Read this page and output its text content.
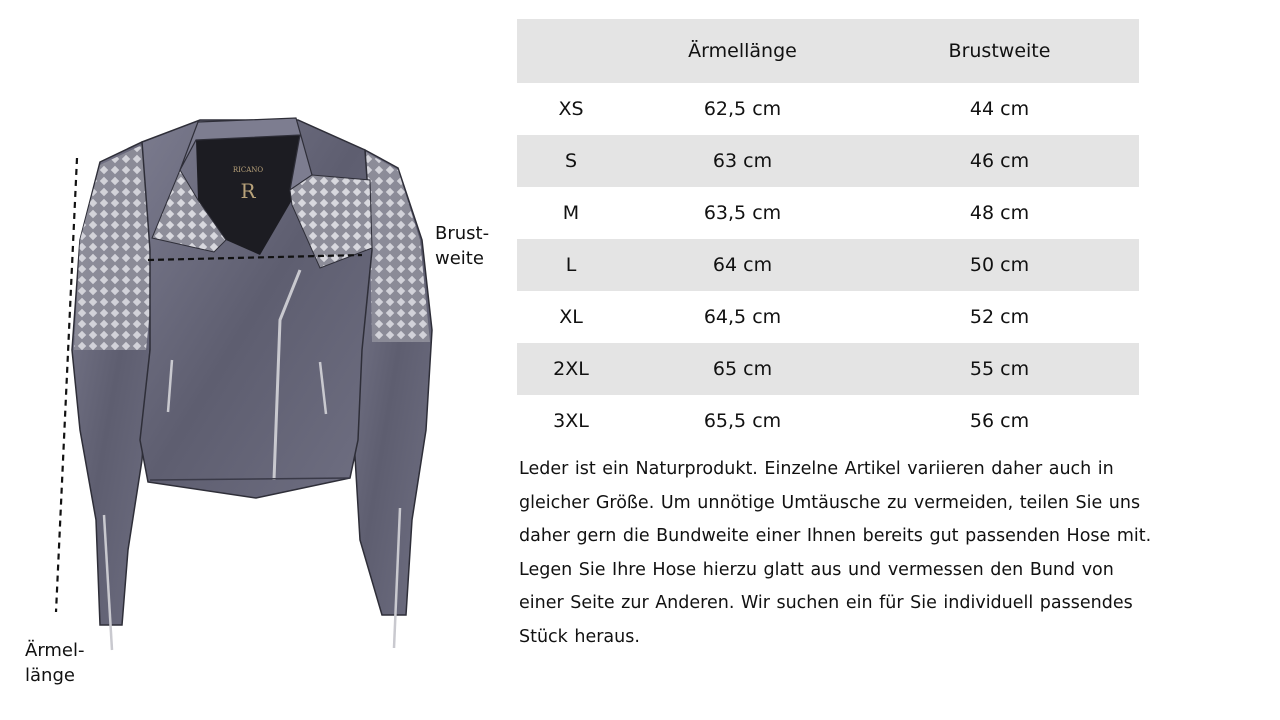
RICANO
R
Brust-
weite
Ärmel-
länge
	Ärmellänge	Brustweite
XS	62,5 cm	44 cm
S	63 cm	46 cm
M	63,5 cm	48 cm
L	64 cm	50 cm
XL	64,5 cm	52 cm
2XL	65 cm	55 cm
3XL	65,5 cm	56 cm

Leder ist ein Naturprodukt. Einzelne Artikel variieren daher auch in gleicher Größe. Um unnötige Umtäusche zu vermeiden, teilen Sie uns daher gern die Bundweite einer Ihnen bereits gut passenden Hose mit. Legen Sie Ihre Hose hierzu glatt aus und vermessen den Bund von einer Seite zur Anderen. Wir suchen ein für Sie individuell passendes Stück heraus.
